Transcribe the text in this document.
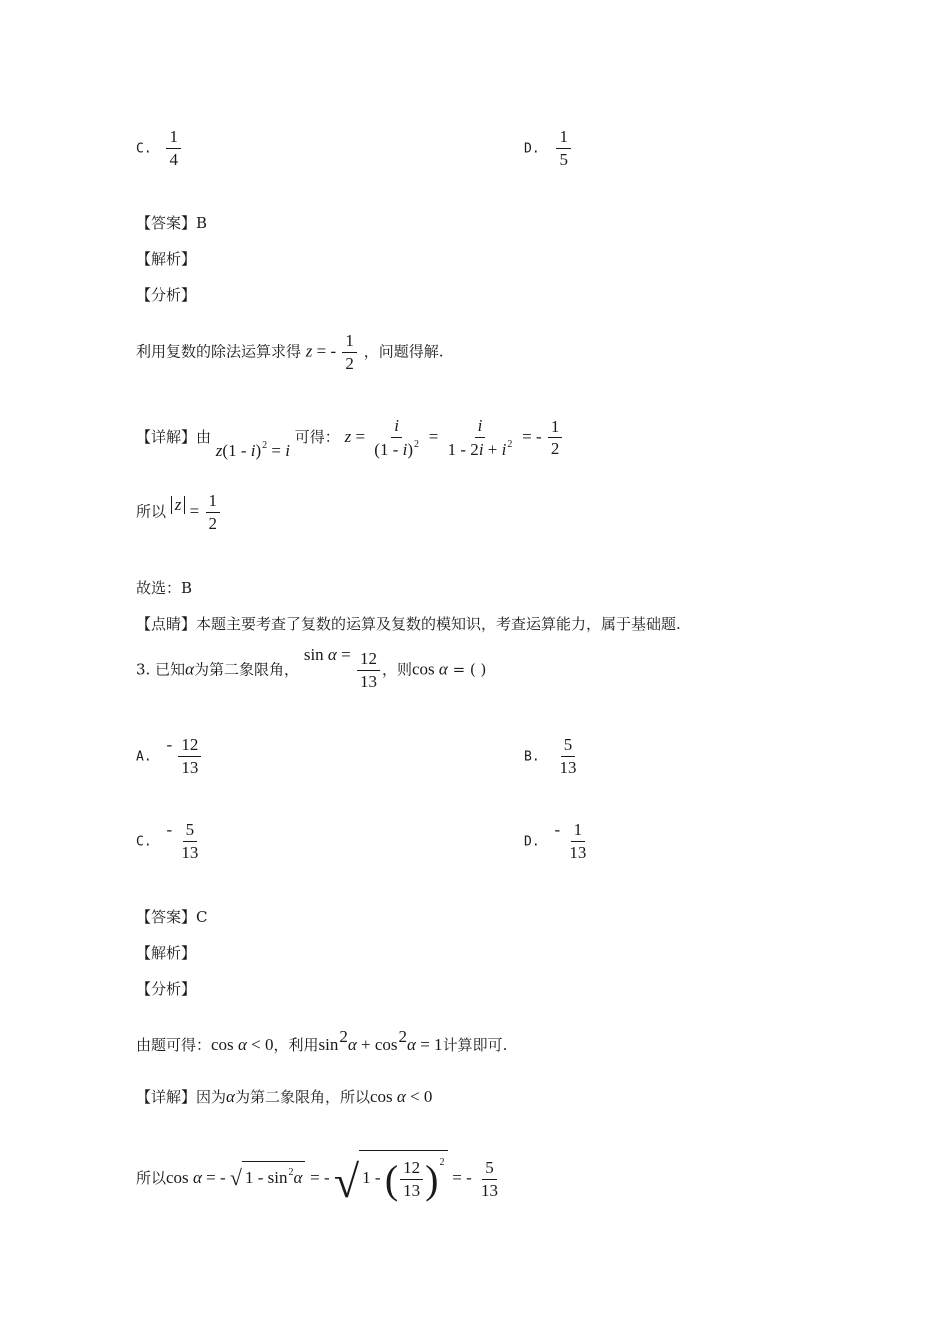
C. $\frac{1}{4}$	D. $\frac{1}{5}$
【答案】B
【解析】
【分析】
利用复数的除法运算求得 z = - $\frac{1}{2}$ ，问题得解.
【详解】由 z(1 - i)$^2$ = i 可得： $z = \frac{i}{(1 - i)^2} = \frac{i}{1 - 2i + i^2}$ = - $\frac{1}{2}$
所以 $z = \frac{1}{2}$
故选：B
【点睛】本题主要考查了复数的运算及复数的模知识，考查运算能力，属于基础题.
3. 已知α为第二象限角， $\sin \alpha = \frac{12}{13}$ ，则cos α = ( )
A. - $\frac{12}{13}$	B. $\frac{5}{13}$
C. - $\frac{5}{13}$	D. - $\frac{1}{13}$
【答案】C
【解析】
【分析】
由题可得：cos α < 0，利用$\sin^2\alpha + \cos^2\alpha = 1$计算即可.
【详解】因为α为第二象限角，所以cos α < 0
所以cos α = - √ $1 - \sin^2\alpha$ = - √ 1 - ( $\frac{12}{13} )^2$ = - $\frac{5}{13}$
